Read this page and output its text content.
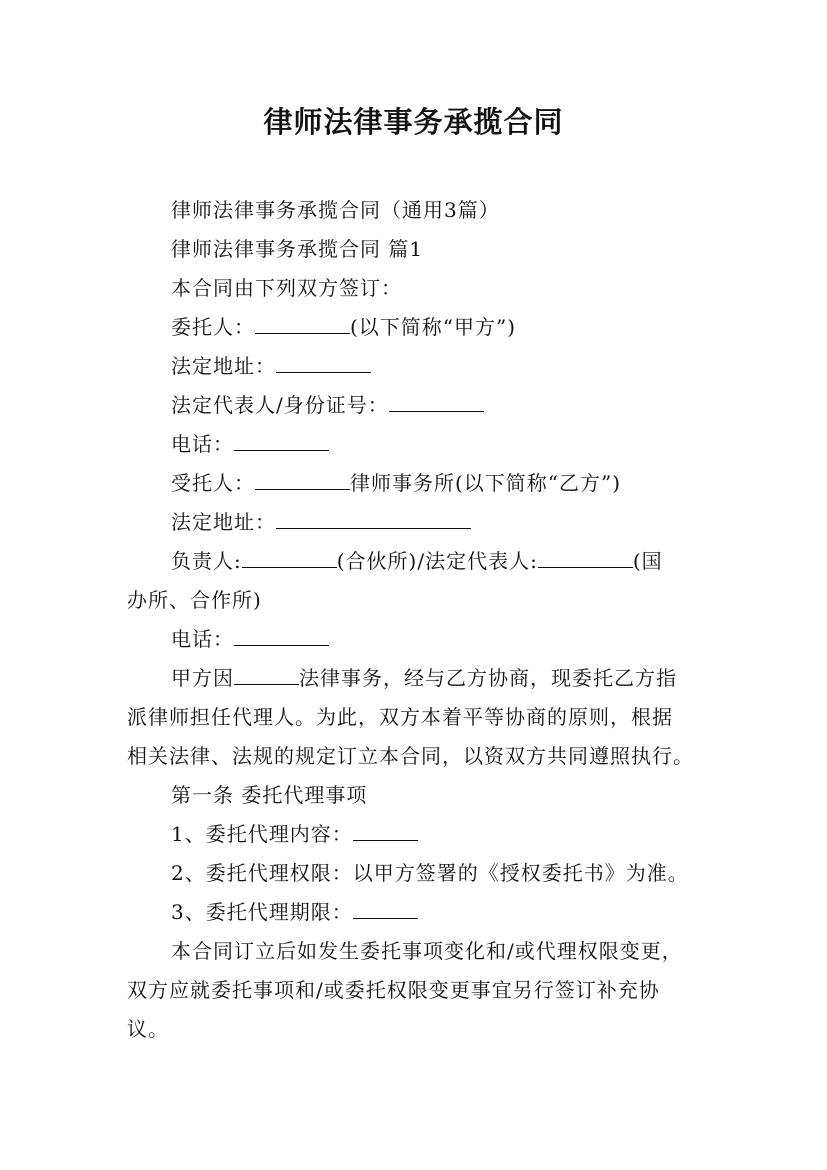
律师法律事务承揽合同
律师法律事务承揽合同（通用3篇）
律师法律事务承揽合同 篇1
本合同由下列双方签订：
委托人：	(以下简称“甲方”)
法定地址：
法定代表人/身份证号：
电话：
受托人：	律师事务所(以下简称“乙方”)
法定地址：
负责人:	(合伙所)/法定代表人:	(国
办所、合作所)
电话：
甲方因	法律事务，经与乙方协商，现委托乙方指
派律师担任代理人。为此，双方本着平等协商的原则，根据
相关法律、法规的规定订立本合同，以资双方共同遵照执行。
第一条 委托代理事项
1、委托代理内容：
2、委托代理权限：以甲方签署的《授权委托书》为准。
3、委托代理期限：
本合同订立后如发生委托事项变化和/或代理权限变更，
双方应就委托事项和/或委托权限变更事宜另行签订补充协
议。
